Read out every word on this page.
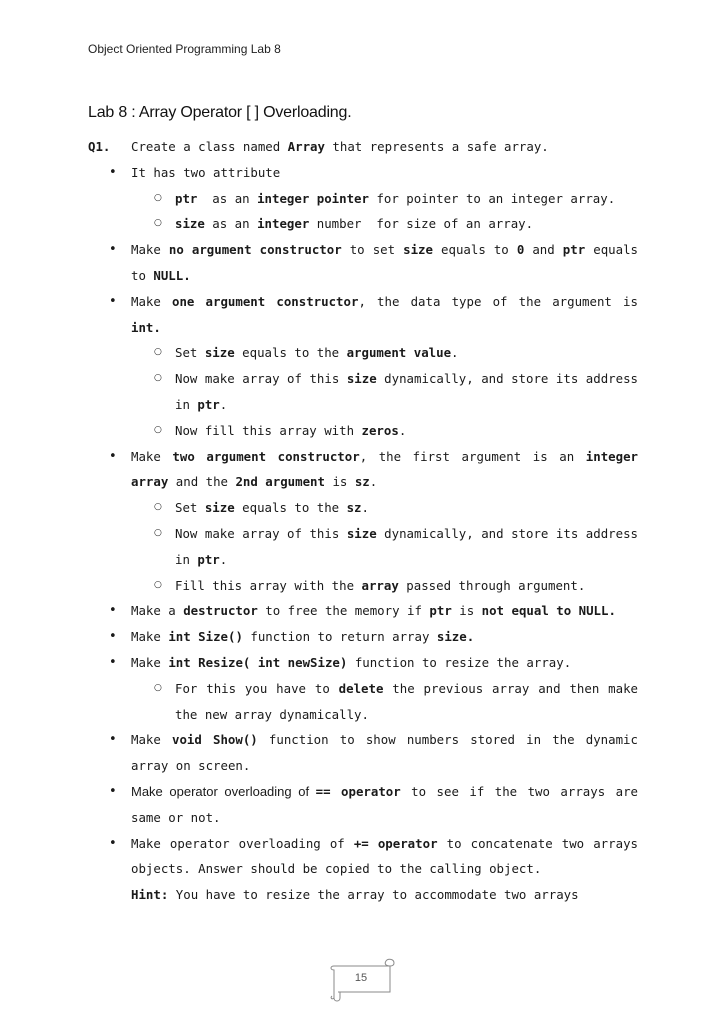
Object Oriented Programming Lab 8
Lab 8 : Array Operator [ ] Overloading.
Q1. Create a class named Array that represents a safe array.
• It has two attribute
○ ptr  as an integer pointer for pointer to an integer array.
○ size as an integer number  for size of an array.
• Make no argument constructor to set size equals to 0 and ptr equals to NULL.
• Make one argument constructor, the data type of the argument is int.
○ Set size equals to the argument value.
○ Now make array of this size dynamically, and store its address in ptr.
○ Now fill this array with zeros.
• Make two argument constructor, the first argument is an integer array and the 2nd argument is sz.
○ Set size equals to the sz.
○ Now make array of this size dynamically, and store its address in ptr.
○ Fill this array with the array passed through argument.
• Make a destructor to free the memory if ptr is not equal to NULL.
• Make int Size() function to return array size.
• Make int Resize( int newSize) function to resize the array.
○ For this you have to delete the previous array and then make the new array dynamically.
• Make void Show() function to show numbers stored in the dynamic array on screen.
• Make operator overloading of == operator to see if the two arrays are same or not.
• Make operator overloading of += operator to concatenate two arrays objects. Answer should be copied to the calling object.
Hint: You have to resize the array to accommodate two arrays
15
